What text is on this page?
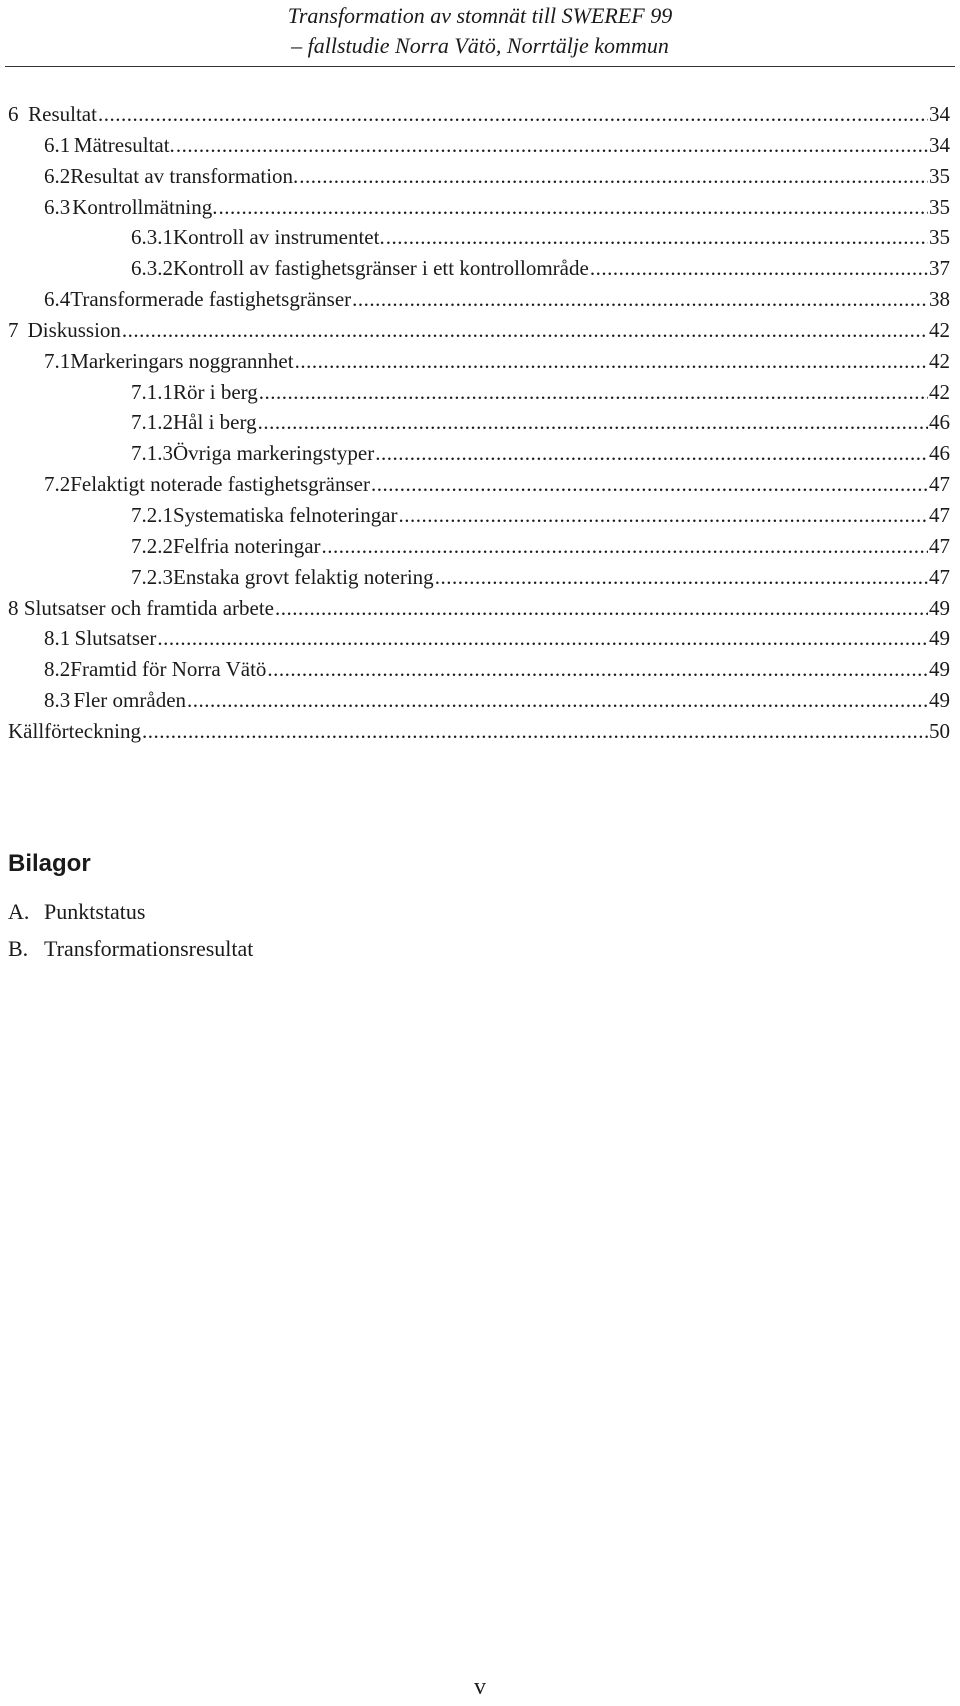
Transformation av stomnät till SWEREF 99
– fallstudie Norra Vätö, Norrtälje kommun
6 Resultat .....	34
6.1 Mätresultat. .....	34
6.2 Resultat av transformation. .....	35
6.3 Kontrollmätning. .....	35
6.3.1 Kontroll av instrumentet. .....	35
6.3.2 Kontroll av fastighetsgränser i ett kontrollområde .....	37
6.4 Transformerade fastighetsgränser .....	38
7 Diskussion .....	42
7.1 Markeringars noggrannhet .....	42
7.1.1 Rör i berg .....	42
7.1.2 Hål i berg .....	46
7.1.3 Övriga markeringstyper .....	46
7.2 Felaktigt noterade fastighetsgränser .....	47
7.2.1 Systematiska felnoteringar .....	47
7.2.2 Felfria noteringar .....	47
7.2.3 Enstaka grovt felaktig notering .....	47
8 Slutsatser och framtida arbete .....	49
8.1 Slutsatser .....	49
8.2 Framtid för Norra Vätö .....	49
8.3 Fler områden .....	49
Källförteckning .....	50
Bilagor
A. Punktstatus
B. Transformationsresultat
v
